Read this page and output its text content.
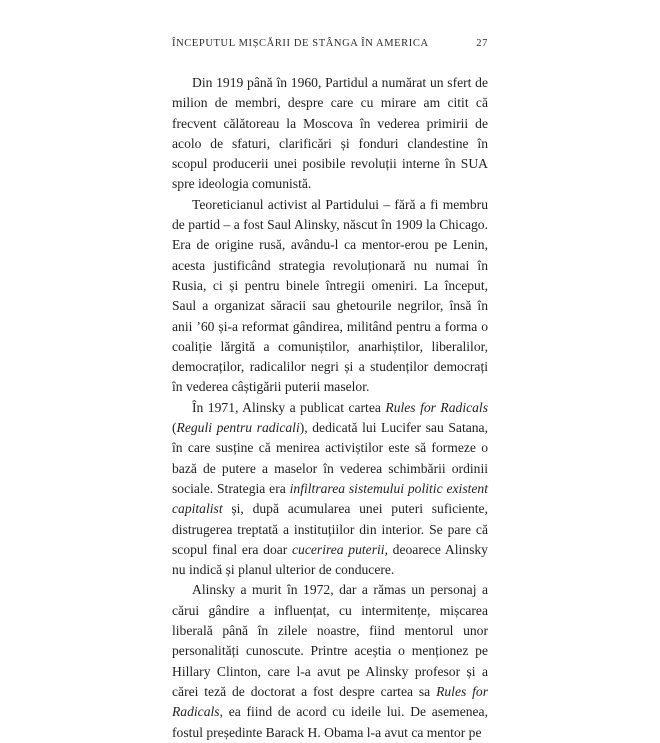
ÎNCEPUTUL MIȘCĂRII DE STÂNGA ÎN AMERICA	27

Din 1919 până în 1960, Partidul a numărat un sfert de milion de membri, despre care cu mirare am citit că frecvent călătoreau la Moscova în vederea primirii de acolo de sfaturi, clarificări și fonduri clandestine în scopul producerii unei posibile revoluții interne în SUA spre ideologia comunistă.

Teoreticianul activist al Partidului – fără a fi membru de partid – a fost Saul Alinsky, născut în 1909 la Chicago. Era de origine rusă, avându-l ca mentor-erou pe Lenin, acesta justificând strategia revoluționară nu numai în Rusia, ci și pentru binele întregii omeniri. La început, Saul a organizat săracii sau ghetourile negrilor, însă în anii ’60 și-a reformat gândirea, militând pentru a forma o coaliție lărgită a comuniștilor, anarhiștilor, liberalilor, democraților, radicalilor negri și a studenților democrați în vederea câștigării puterii maselor.

În 1971, Alinsky a publicat cartea Rules for Radicals (Reguli pentru radicali), dedicată lui Lucifer sau Satana, în care susține că menirea activiștilor este să formeze o bază de putere a maselor în vederea schimbării ordinii sociale. Strategia era infiltrarea sistemului politic existent capitalist și, după acumularea unei puteri suficiente, distrugerea treptată a instituțiilor din interior. Se pare că scopul final era doar cucerirea puterii, deoarece Alinsky nu indică și planul ulterior de conducere.

Alinsky a murit în 1972, dar a rămas un personaj a cărui gândire a influențat, cu intermitențe, mișcarea liberală până în zilele noastre, fiind mentorul unor personalități cunoscute. Printre aceștia o menționez pe Hillary Clinton, care l-a avut pe Alinsky profesor și a cărei teză de doctorat a fost despre cartea sa Rules for Radicals, ea fiind de acord cu ideile lui. De asemenea, fostul președinte Barack H. Obama l-a avut ca mentor pe
